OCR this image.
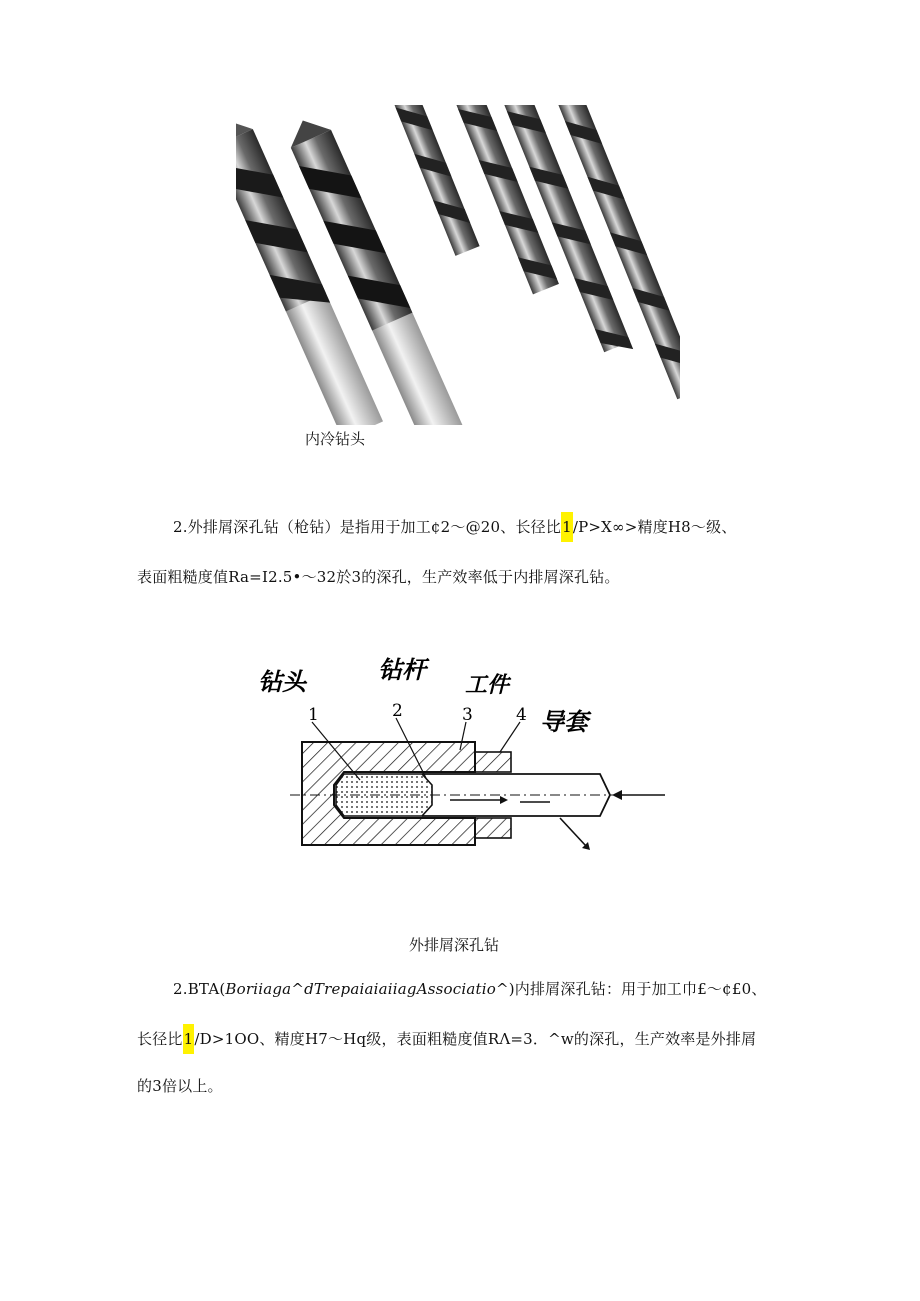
内冷钻头
2.外排屑深孔钻（枪钻）是指用于加工¢2～@20、长径比1/P>X∞>精度H8～级、
表面粗糙度值Ra=I2.5•～32於3的深孔，生产效率低于内排屑深孔钻。
钻头	钻杆
工件
导套
1	2	3	4
外排屑深孔钻
2.BTA(Boriiaga^dTrepaiaiaiiagAssociatio^)内排屑深孔钻：用于加工巾£～¢£0、
长径比1/D>1OO、精度H7～Hq级，表面粗糙度值RΛ=3．^w的深孔，生产效率是外排屑
的3倍以上。
